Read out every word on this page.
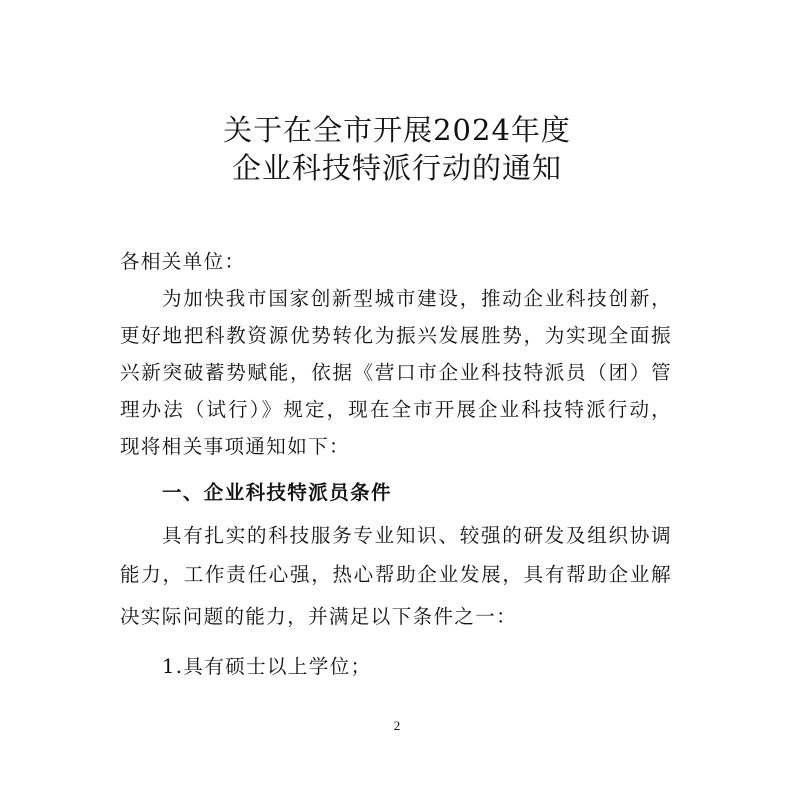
关于在全市开展2024年度
企业科技特派行动的通知
各相关单位：
为加快我市国家创新型城市建设，推动企业科技创新，
更好地把科教资源优势转化为振兴发展胜势，为实现全面振
兴新突破蓄势赋能，依据《营口市企业科技特派员（团）管
理办法（试行）》规定，现在全市开展企业科技特派行动，
现将相关事项通知如下：
一、企业科技特派员条件
具有扎实的科技服务专业知识、较强的研发及组织协调
能力，工作责任心强，热心帮助企业发展，具有帮助企业解
决实际问题的能力，并满足以下条件之一：
1.具有硕士以上学位；
2
